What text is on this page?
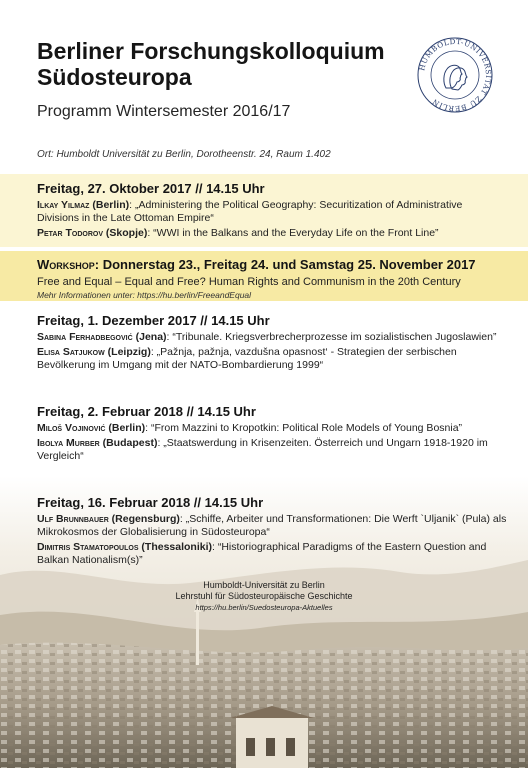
Berliner Forschungskolloquium
Südosteuropa
Programm Wintersemester 2016/17
Ort: Humboldt Universität zu Berlin, Dorotheenstr. 24, Raum 1.402
HUMBOLDT-UNIVERSITÄT ZU BERLIN
Freitag, 27. Oktober 2017 // 14.15 Uhr
Ilkay Yilmaz (Berlin): „Administering the Political Geography: Securitization of Administrative Divisions in the Late Ottoman Empire“
Petar Todorov (Skopje): “WWI in the Balkans and the Everyday Life on the Front Line”
Workshop: Donnerstag 23., Freitag 24. und Samstag 25. November 2017
Free and Equal – Equal and Free? Human Rights and Communism in the 20th Century
Mehr Informationen unter: https://hu.berlin/FreeandEqual
Freitag, 1. Dezember 2017 // 14.15 Uhr
Sabina Ferhadbegović (Jena): “Tribunale. Kriegsverbrecherprozesse im sozialistischen Jugoslawien”
Elisa Satjukow (Leipzig): „Pažnja, pažnja, vazdušna opasnost‘ - Strategien der serbischen Bevölkerung im Umgang mit der NATO-Bombardierung 1999“
Freitag, 2. Februar 2018 // 14.15 Uhr
Miloš Vojinović (Berlin): “From Mazzini to Kropotkin: Political Role Models of Young Bosnia”
Ibolya Murber (Budapest): „Staatswerdung in Krisenzeiten. Österreich und Ungarn 1918-1920 im Vergleich“
Freitag, 16. Februar 2018 // 14.15 Uhr
Ulf Brunnbauer (Regensburg): „Schiffe, Arbeiter und Transformationen: Die Werft `Uljanik` (Pula) als Mikrokosmos der Globalisierung in Südosteuropa“
Dimitris Stamatopoulos (Thessaloniki): “Historiographical Paradigms of the Eastern Question and Balkan Nationalism(s)”
Humboldt-Universität zu Berlin
Lehrstuhl für Südosteuropäische Geschichte
https://hu.berlin/Suedosteuropa-Aktuelles
